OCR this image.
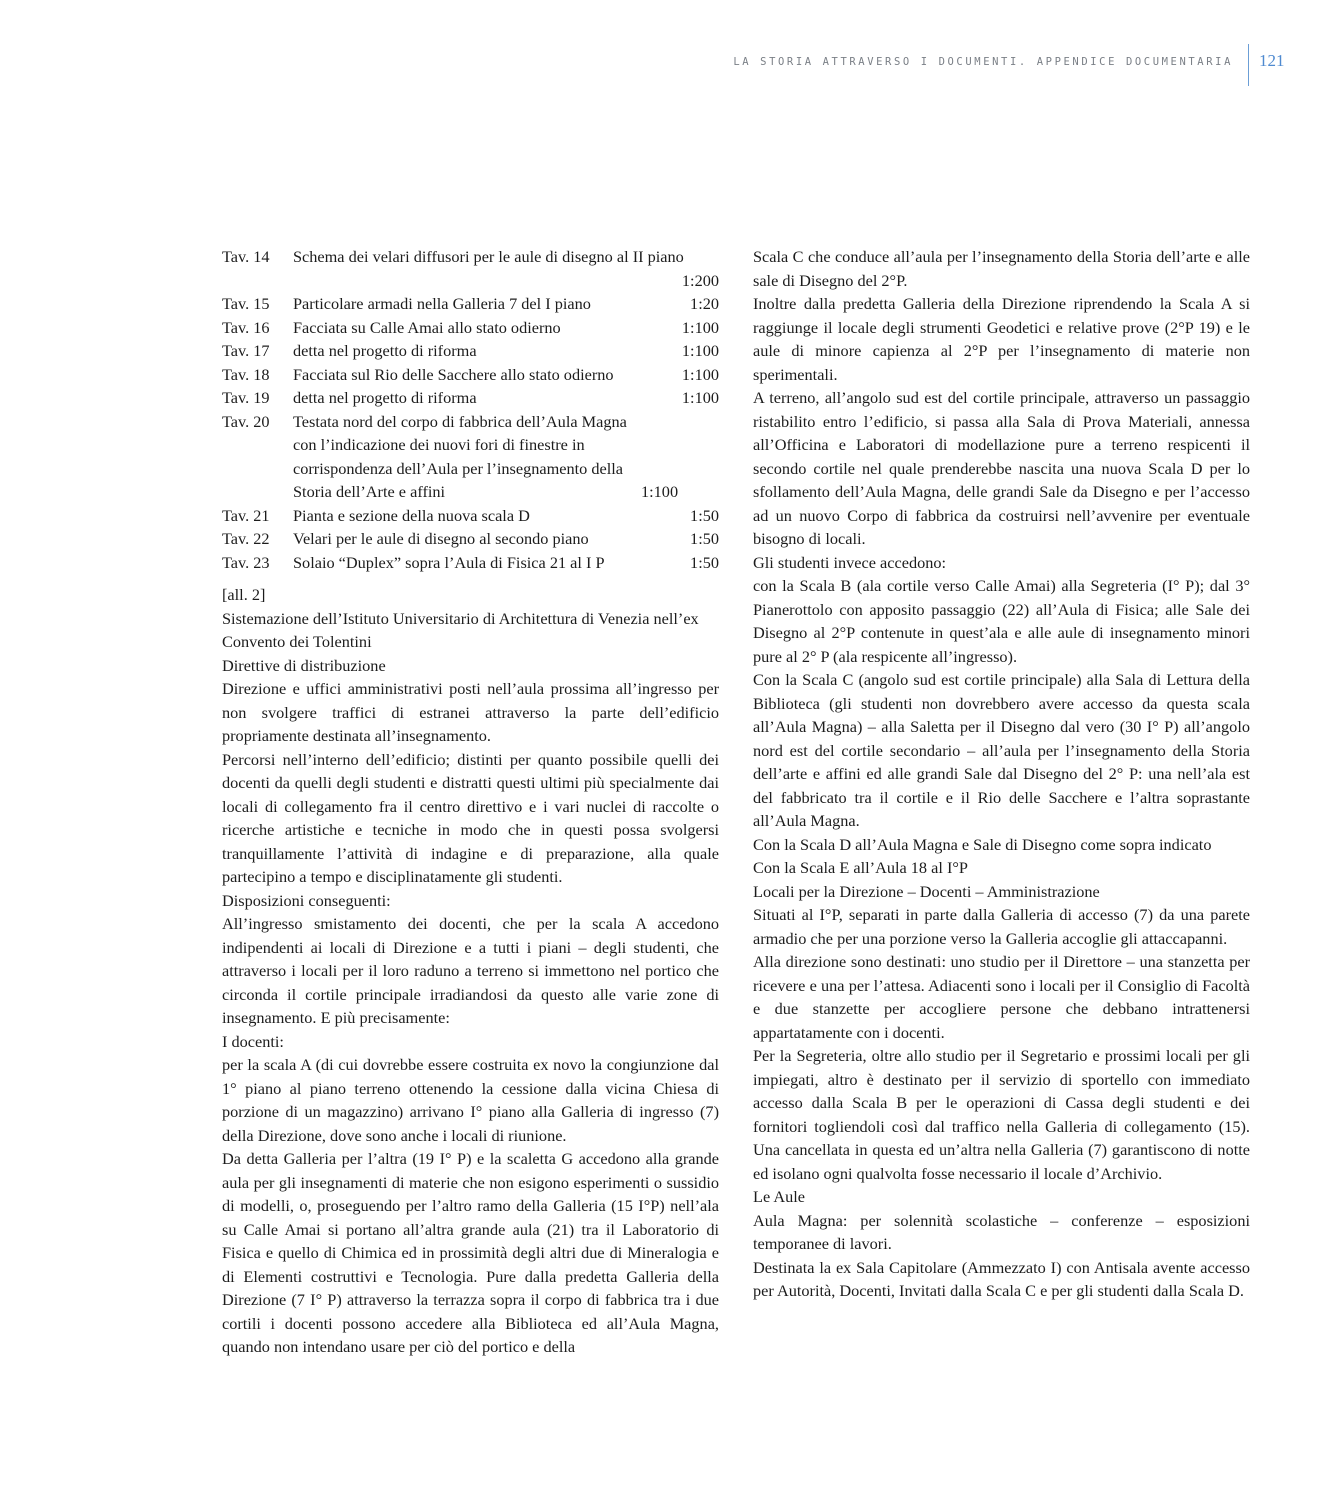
LA STORIA ATTRAVERSO I DOCUMENTI. APPENDICE DOCUMENTARIA 121
Tav. 14	Schema dei velari diffusori per le aule di disegno al II piano
1:200
Tav. 15	Particolare armadi nella Galleria 7 del I piano	1:20
Tav. 16	Facciata su Calle Amai allo stato odierno	1:100
Tav. 17	detta nel progetto di riforma	1:100
Tav. 18	Facciata sul Rio delle Sacchere allo stato odierno	1:100
Tav. 19	detta nel progetto di riforma	1:100
Tav. 20	Testata nord del corpo di fabbrica dell’Aula Magna con l’indicazione dei nuovi fori di finestre in corrispondenza dell’Aula per l’insegnamento della Storia dell’Arte e affini	1:100
Tav. 21	Pianta e sezione della nuova scala D	1:50
Tav. 22	Velari per le aule di disegno al secondo piano	1:50
Tav. 23	Solaio “Duplex” sopra l’Aula di Fisica 21 al I P	1:50

[all. 2]

Sistemazione dell’Istituto Universitario di Architettura di Venezia nell’ex Convento dei Tolentini

Direttive di distribuzione

Direzione e uffici amministrativi posti nell’aula prossima all’ingresso per non svolgere traffici di estranei attraverso la parte dell’edificio propriamente destinata all’insegnamento.

Percorsi nell’interno dell’edificio; distinti per quanto possibile quelli dei docenti da quelli degli studenti e distratti questi ultimi più specialmente dai locali di collegamento fra il centro direttivo e i vari nuclei di raccolte o ricerche artistiche e tecniche in modo che in questi possa svolgersi tranquillamente l’attività di indagine e di preparazione, alla quale partecipino a tempo e disciplinatamente gli studenti.

Disposizioni conseguenti:

All’ingresso smistamento dei docenti, che per la scala A accedono indipendenti ai locali di Direzione e a tutti i piani – degli studenti, che attraverso i locali per il loro raduno a terreno si immettono nel portico che circonda il cortile principale irradiandosi da questo alle varie zone di insegnamento. E più precisamente:

I docenti:

per la scala A (di cui dovrebbe essere costruita ex novo la congiunzione dal 1° piano al piano terreno ottenendo la cessione dalla vicina Chiesa di porzione di un magazzino) arrivano I° piano alla Galleria di ingresso (7) della Direzione, dove sono anche i locali di riunione.

Da detta Galleria per l’altra (19 I° P) e la scaletta G accedono alla grande aula per gli insegnamenti di materie che non esigono esperimenti o sussidio di modelli, o, proseguendo per l’altro ramo della Galleria (15 I°P) nell’ala su Calle Amai si portano all’altra grande aula (21) tra il Laboratorio di Fisica e quello di Chimica ed in prossimità degli altri due di Mineralogia e di Elementi costruttivi e Tecnologia. Pure dalla predetta Galleria della Direzione (7 I° P) attraverso la terrazza sopra il corpo di fabbrica tra i due cortili i docenti possono accedere alla Biblioteca ed all’Aula Magna, quando non intendano usare per ciò del portico e della

Scala C che conduce all’aula per l’insegnamento della Storia dell’arte e alle sale di Disegno del 2°P.

Inoltre dalla predetta Galleria della Direzione riprendendo la Scala A si raggiunge il locale degli strumenti Geodetici e relative prove (2°P 19) e le aule di minore capienza al 2°P per l’insegnamento di materie non sperimentali.

A terreno, all’angolo sud est del cortile principale, attraverso un passaggio ristabilito entro l’edificio, si passa alla Sala di Prova Materiali, annessa all’Officina e Laboratori di modellazione pure a terreno respicenti il secondo cortile nel quale prenderebbe nascita una nuova Scala D per lo sfollamento dell’Aula Magna, delle grandi Sale da Disegno e per l’accesso ad un nuovo Corpo di fabbrica da costruirsi nell’avvenire per eventuale bisogno di locali.

Gli studenti invece accedono:

con la Scala B (ala cortile verso Calle Amai) alla Segreteria (I° P); dal 3° Pianerottolo con apposito passaggio (22) all’Aula di Fisica; alle Sale dei Disegno al 2°P contenute in quest’ala e alle aule di insegnamento minori pure al 2° P (ala respicente all’ingresso).

Con la Scala C (angolo sud est cortile principale) alla Sala di Lettura della Biblioteca (gli studenti non dovrebbero avere accesso da questa scala all’Aula Magna) – alla Saletta per il Disegno dal vero (30 I° P) all’angolo nord est del cortile secondario – all’aula per l’insegnamento della Storia dell’arte e affini ed alle grandi Sale dal Disegno del 2° P: una nell’ala est del fabbricato tra il cortile e il Rio delle Sacchere e l’altra soprastante all’Aula Magna.

Con la Scala D all’Aula Magna e Sale di Disegno come sopra indicato

Con la Scala E all’Aula 18 al I°P

Locali per la Direzione – Docenti – Amministrazione

Situati al I°P, separati in parte dalla Galleria di accesso (7) da una parete armadio che per una porzione verso la Galleria accoglie gli attaccapanni.

Alla direzione sono destinati: uno studio per il Direttore – una stanzetta per ricevere e una per l’attesa. Adiacenti sono i locali per il Consiglio di Facoltà e due stanzette per accogliere persone che debbano intrattenersi appartatamente con i docenti.

Per la Segreteria, oltre allo studio per il Segretario e prossimi locali per gli impiegati, altro è destinato per il servizio di sportello con immediato accesso dalla Scala B per le operazioni di Cassa degli studenti e dei fornitori togliendoli così dal traffico nella Galleria di collegamento (15). Una cancellata in questa ed un’altra nella Galleria (7) garantiscono di notte ed isolano ogni qualvolta fosse necessario il locale d’Archivio.

Le Aule

Aula Magna: per solennità scolastiche – conferenze – esposizioni temporanee di lavori.

Destinata la ex Sala Capitolare (Ammezzato I) con Antisala avente accesso per Autorità, Docenti, Invitati dalla Scala C e per gli studenti dalla Scala D.
